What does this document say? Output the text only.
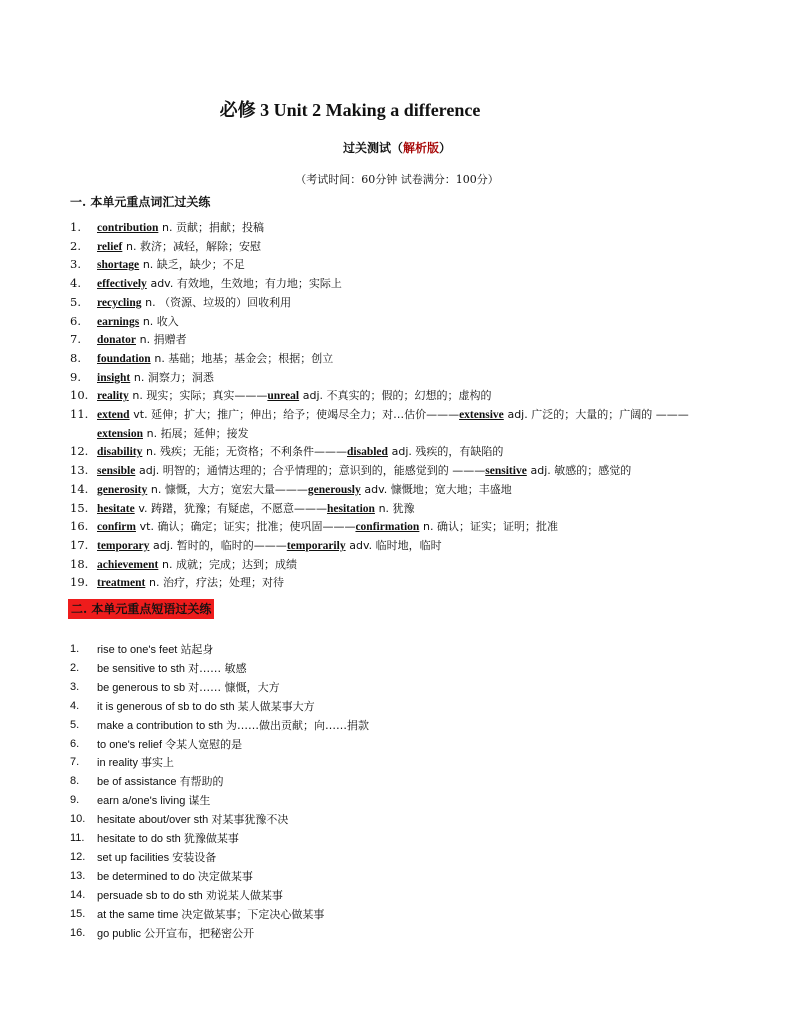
必修 3 Unit 2 Making a difference
过关测试（解析版）
（考试时间：60分钟 试卷满分：100分）
一. 本单元重点词汇过关练
1. contribution n. 贡献；捐献；投稿
2. relief n. 救济；减轻，解除；安慰
3. shortage n. 缺乏，缺少；不足
4. effectively adv. 有效地，生效地；有力地；实际上
5. recycling n. （资源、垃圾的）回收利用
6. earnings n. 收入
7. donator n. 捐赠者
8. foundation n. 基础；地基；基金会；根据；创立
9. insight n. 洞察力；洞悉
10. reality n. 现实；实际；真实———unreal adj. 不真实的；假的；幻想的；虚构的
11. extend vt. 延伸；扩大；推广；伸出；给予；使竭尽全力；对…估价———extensive adj. 广泛的；大量的；广阔的 ———extension n. 拓展；延伸；接发
12. disability n. 残疾；无能；无资格；不利条件———disabled adj. 残疾的，有缺陷的
13. sensible adj. 明智的；通情达理的；合乎情理的；意识到的，能感觉到的 ———sensitive adj. 敏感的；感觉的
14. generosity n. 慷慨，大方；宽宏大量———generously adv. 慷慨地；宽大地；丰盛地
15. hesitate v. 踌躇，犹豫；有疑虑，不愿意———hesitation n. 犹豫
16. confirm vt. 确认；确定；证实；批准；使巩固———confirmation n. 确认；证实；证明；批准
17. temporary adj. 暂时的，临时的———temporarily adv. 临时地，临时
18. achievement n. 成就；完成；达到；成绩
19. treatment n. 治疗，疗法；处理；对待
二. 本单元重点短语过关练
1. rise to one's feet 站起身
2. be sensitive to sth 对…… 敏感
3. be generous to sb 对…… 慷慨，大方
4. it is generous of sb to do sth 某人做某事大方
5. make a contribution to sth 为……做出贡献；向……捐款
6. to one's relief 令某人宽慰的是
7. in reality 事实上
8. be of assistance 有帮助的
9. earn a/one's living 谋生
10. hesitate about/over sth 对某事犹豫不决
11. hesitate to do sth 犹豫做某事
12. set up facilities 安装设备
13. be determined to do 决定做某事
14. persuade sb to do sth 劝说某人做某事
15. at the same time 决定做某事；下定决心做某事
16. go public 公开宣布，把秘密公开
